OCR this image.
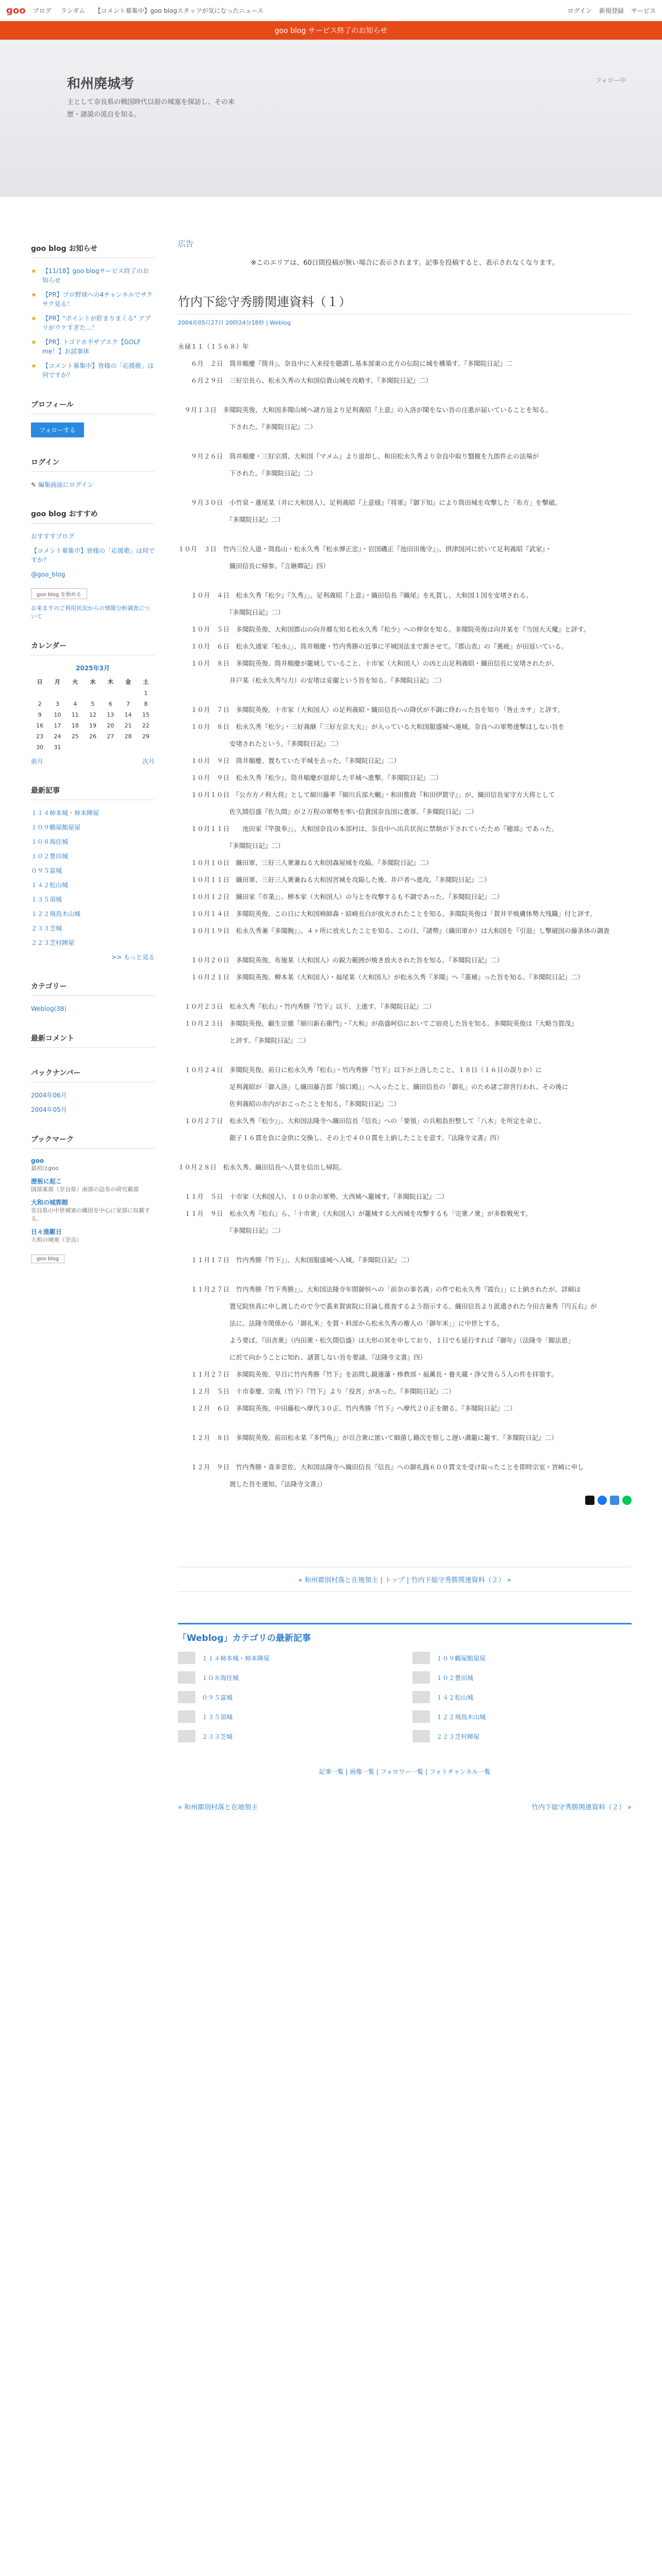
goo ブログ ランダム 【コメント募集中】goo blogスタッフが気になったニュース	ログイン 新規登録 サービス
goo blog サービス終了のお知らせ
和州廃城考
主として奈良県の戦国時代以前の城塞を探訪し、その来歴・諸説の流自を知る。
フォロー中
goo blog お知らせ
★ 【11/18】goo blogサービス終了のお知らせ
★ 【PR】プロ野球への4チャンネルでサクサク見る！
★ 【PR】"ポイントが貯まりまくる" アプリがウケすぎた…！
★ 【PR】トゴドホ不ザブスク【GOLF me！】お試事体
★ 【コメント募集中】皆様の「応援歌」は何ですか？
プロフィール
フォローする
ログイン
✎ 編集画面にログイン
goo blog おすすめ
おすすすブログ
【コメント募集中】皆様の「応援歌」は何ですか？
@goo_blog
goo blog を始める
お来ますのご利用状況からの情報分析調査について
カレンダー
2025年3月
日	月	火	水	木	金	土
						1
2	3	4	5	6	7	8
9	10	11	12	13	14	15
16	17	18	19	20	21	22
23	24	25	26	27	28	29
30	31					
前月	次月
最新記事
１１４柿本城・柿本陣屋
１０９鶴屋館屋屋
１０８海住城
１０２豊田城
０９５富城
１４２松山城
１３５須城
１２２飛鳥木山城
２３３芝城
２２３芝村陣屋
>> もっと見る
カテゴリー
Weblog(38)
最新コメント
バックナンバー
2004年06月
2004年05月
ブックマーク
goo
最初はgoo
歴板に起こ
国部東部（奈良県）南部の詰券の研究載部
大和の城郭館
奈良県の中世城塞の縄図を中心に家部に収載する。
日々進駆日
大和の城塞（奈良）
goo blog
広告
※このエリアは、60日間投稿が無い場合に表示されます。記事を投稿すると、表示されなくなります。
竹内下総守秀勝関連資料（１）
2004年05月27日 20時24分18秒 | Weblog

永禄１１（１５６８）年

　　６月　２日　筒井順慶『筒井』、奈良中に入来侵を聴謂し基本部東の北方の伝院に城を構築す。『多聞院日記』二

　　６月２９日　三好宗長ら、松永久秀の大和国信貴山城を攻略す。『多聞院日記』二）

　９月１３日　多聞院英俊、大和国多聞山城へ諸方返より足利義昭『上意』の入洛が聞をない旨の注進が届いていることを知る。

　　　　　　　　下された。『多聞院日記』二）

　　９月２６日　筒井順慶・三好宗渭、大和国『マメム』より退却し、和田松永久秀より奈良中取り翳撤を九郎件止の法場が

　　　　　　　　下された。『多聞院日記』二）

　　９月３０日　小竹泉・蓮尾某（井に大和国人）、足利義昭『上意様』『将軍』『御下知』により筒田城を攻撃した「布方」を撃破。

　　　　　　　　『多聞院日記』二）

１０月　３日　竹内三位入道・筒島山・松永久秀『松永弾正忠』・岩国磯正『池田田後守』」、摂津国河に於いて足利義昭『武家』・

　　　　　　　　織田信長に帰参。『言継卿記』四）

　　１０月　４日　松永久秀『松少』『久秀』」、足利義昭『上意』・織田信長『織尾』を礼賀し、大和国１国を安堵される。

　　　　　　　　『多聞院日記』二）

　　１０月　５日　多聞院英俊、大和国郡山の向井郷左知る松永久秀『松少』への伸奈を知る。多聞院英俊は向井某を『当国大天魔』と評す。

　　１０月　６日　松永久通家『松永』」、筒井順慶・竹内秀勝の近事に平城国法まで源させて。『郡山表』の『裏疲』が田返いている。

　　１０月　８日　多聞院英俊、筒井順慶が籠城していること、十市家（大和国人）の凶と山足利義昭・織田信長に安堵されたが、

　　　　　　　　井戸某（松永久秀与力）の安堵は妥寵という旨を知る。『多聞院日記』二）

　　１０月　７日　多聞院英俊、十市家（大和国人）の足利義昭・織田信長への降伏が不調に終わった旨を知り「咎止カサ」と評す。

　　１０月　８日　松永久秀『松少』・三好義継『三好左京大夫』」が入っている大和国服盛城へ連城。奈良への軍勢達撃ほしない旨を

　　　　　　　　安堵されたという。『多聞院日記』二）

　　１０月　９日　筒井順慶、置ちていた平城を去った。『多聞院日記』二）

　　１０月　９日　松永久秀『松少』、筒井順慶が退却した平城へ進撃。『多聞院日記』二）

　　１０月１０日　『公方方ノ利大将』として細川藤孝『細川兵部大輔』・和田惟政『和田伊賀守』」が、織田信長家守方大将として

　　　　　　　　佐久間信盛『佐久間』が２万程の軍勢を率い信貴国奈良国に進軍。『多聞院日記』二）

　　１０月１１日　　池田家『竿扱奉』」、大和国奈良の本部村は、奈良中へ出兵状況に禁制が下されていたため『穂部』であった。

　　　　　　　　『多聞院日記』二）

　　１０月１０日　織田軍、三好三人衆兼ねる大和国森屋城を攻陥。『多聞院日記』二）

　　１０月１１日　織田軍、三好三人衆兼ねる大和国宮城を攻陥した後、井戸者へ進攻。『多聞院日記』二）

　　１０月１２日　織田家『市業』」、柳本家（大和国人）の与とを攻撃するも不調であった。『多聞院日記』二）

　　１０月１４日　多聞院英俊、この日に大和国柿師森・結崎長白が放火されたことを知る。多聞院英俊は「賀井平焼膚体勢大残職」付と評す。

　　１０月１９日　松永久秀兼『多聞腕』」、４ヶ所に放火したことを知る。この日、『諸勢』（織田軍か）は大和国を『引退』し撃破国の藤条体の調査

　　１０月２０日　多聞院英俊、布施某（大和国人）の鋭力範囲が焼き放火された旨を知る。『多聞院日記』二）

　　１０月２１日　多聞院英俊、柳本某（大和国人）・福尾某（大和国人）が松永久秀『多聞』へ『蓋補』った旨を知る。『多聞院日記』二）

　１０月２３日　松永久秀『松右』・竹内秀勝『竹下』以下、上進す。『多聞院日記』二）

　１０月２３日　多聞院英俊、顧生宗徹『細川新右衛門』・『大和』が高盛呵信においてご宿亮した旨を知る。多聞院英俊は『大略当賀茂』

　　　　　　　　と評す。『多聞院日記』二）

　１０月２４日　多聞院英俊、前日に松永久秀『松右』・竹内秀勝『竹下』以下が上洛したこと、１８日（１６日の誤りか）に

　　　　　　　　足利義昭が「御入洛」し織田藤吉郎『綿口殿』」へ入ったこと、織田信長の「御礼」のため諸ご辞宮行われ、その後に

　　　　　　　　佐利義昭の赤内がおこったことを知る。『多聞院日記』二）

　１０月２７日　松永久秀『松少』」、大和国法隆寺へ織田信長『信長』への「要領」の兵粗負担整して「八木」を所定を命じ、

　　　　　　　　銀子１６貫を負に金供に交換し、その上で４００貫を上納したことを意す。『法隆寺文書』四）

１０月２８日　松永久秀、織田信長へ人質を信出し帰院。

　１１月　５日　十市家（大和国人）、１００余の軍勢、大西城へ籠城す。『多聞院日記』二）

　１１月　９日　松永久秀『松右』ら、「十市衆」（大和国人）が籠城する大西城を攻撃するも「完衆ノ衆」が多数戦死す。

　　　　　　　　『多聞院日記』二）

　　１１月１７日　竹内秀勝『竹下』」、大和国服盛城へ入城。『多聞院日記』二）

　　１１月２７日　竹内秀勝『竹下秀勝』」、大和国法隆寺年間御恒への「前奈の事名義」の件で松永久秀『霞台』」に上納されたが、詳細は

　　　　　　　　置兄院快真に申し渡したので今で蓋来賀寅院に目論し推査するよう指示する。織田信長より派遣された今田吉兼秀『円五右』が

　　　　　　　　法に、法隆寺関係から「御礼米」を賀・料部から松永久秀の権人の「御年米」」に中世とする。

　　　　　　　　よう要ぼ。『田舎衆』（内田衆・松久間信盛）は大形の冥を申しており、１日でも延行すれば『御年』（法隆寺「脚法恩」

　　　　　　　　に於て向かうことに知れ、諸貰しない旨を要請。『法隆寺文書』四）

　　１１月２７日　多聞院英俊、早目に竹内秀勝『竹下』を訪問し鏡連藩・棒教部・福薫長・養夫蔵・浄父背ら５人の件を拝領す。

　　１２月　５日　十市泰慶、宗胤（竹下）『竹下』より「役宮」があった。『多聞院日記』二）

　　１２月　６日　多聞院英俊、中田藤松へ摩代３０正、竹内秀勝『竹下』へ摩代２０正を贈る。『多聞院日記』二）

　　１２月　８日　多聞院英俊、前田松永某『多門角』」が百合衆に匿いて細菌し籍次を察しこ遅い溝籠に籠す。『多聞院日記』二）

　　１２月　９日　竹内秀勝・喜多雲佐、大和国法隆寺へ織田信長『信長』への御礼銭６００貫文を受け取ったことを即時宗室・宮崎に申し

　　　　　　　　渡した旨を通知。『法隆寺文書』）

« 和州郡別村落と在地領主 | トップ | 竹内下総守秀勝関連資料（２） »
「Weblog」カテゴリの最新記事
１１４柿本城・柿本陣屋	１０９鶴屋館屋屋
１０８海住城	１０２豊田城
０９５富城	１４２松山城
１３５須城	１２２飛鳥木山城
２３３芝城	２２３芝村陣屋
記事一覧 | 画像一覧 | フォロワー一覧 | フォトチャンネル一覧
« 和州郡別村落と在地領主	竹内下総守秀勝関連資料（２） »
